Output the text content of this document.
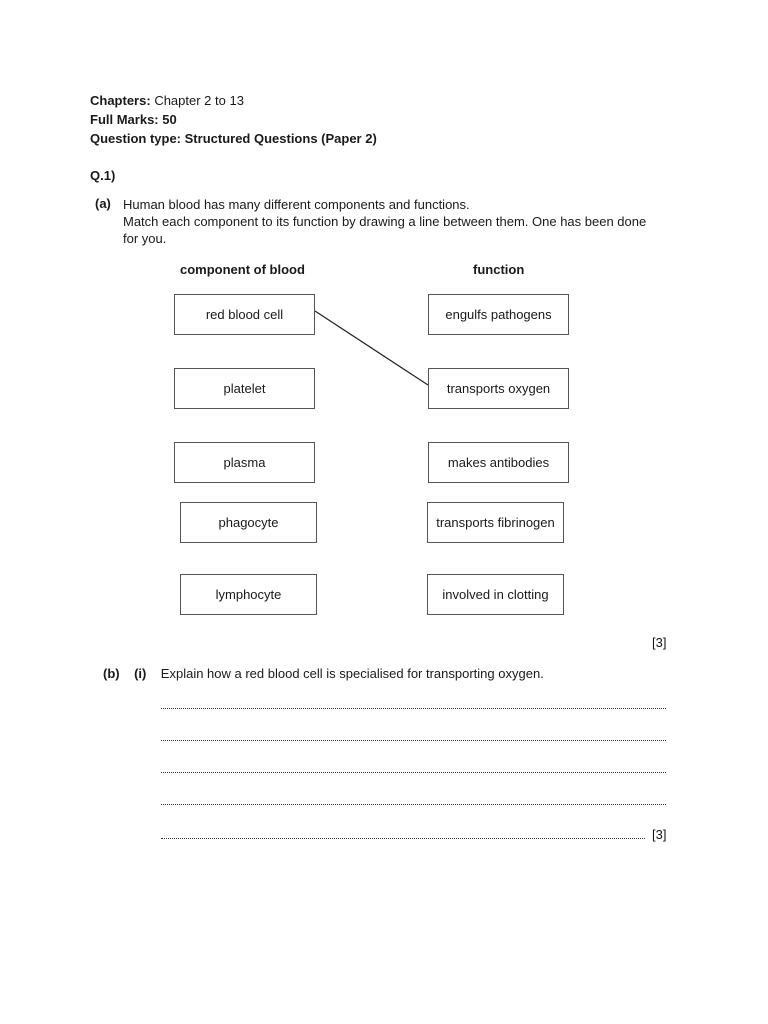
Chapters: Chapter 2 to 13
Full Marks: 50
Question type: Structured Questions (Paper 2)
Q.1)
(a) Human blood has many different components and functions.

Match each component to its function by drawing a line between them. One has been done

for you.

component of blood	function
red blood cell
platelet
plasma
phagocyte
lymphocyte
engulfs pathogens
transports oxygen
makes antibodies
transports fibrinogen
involved in clotting
[3]
(b) (i) Explain how a red blood cell is specialised for transporting oxygen.
[3]
